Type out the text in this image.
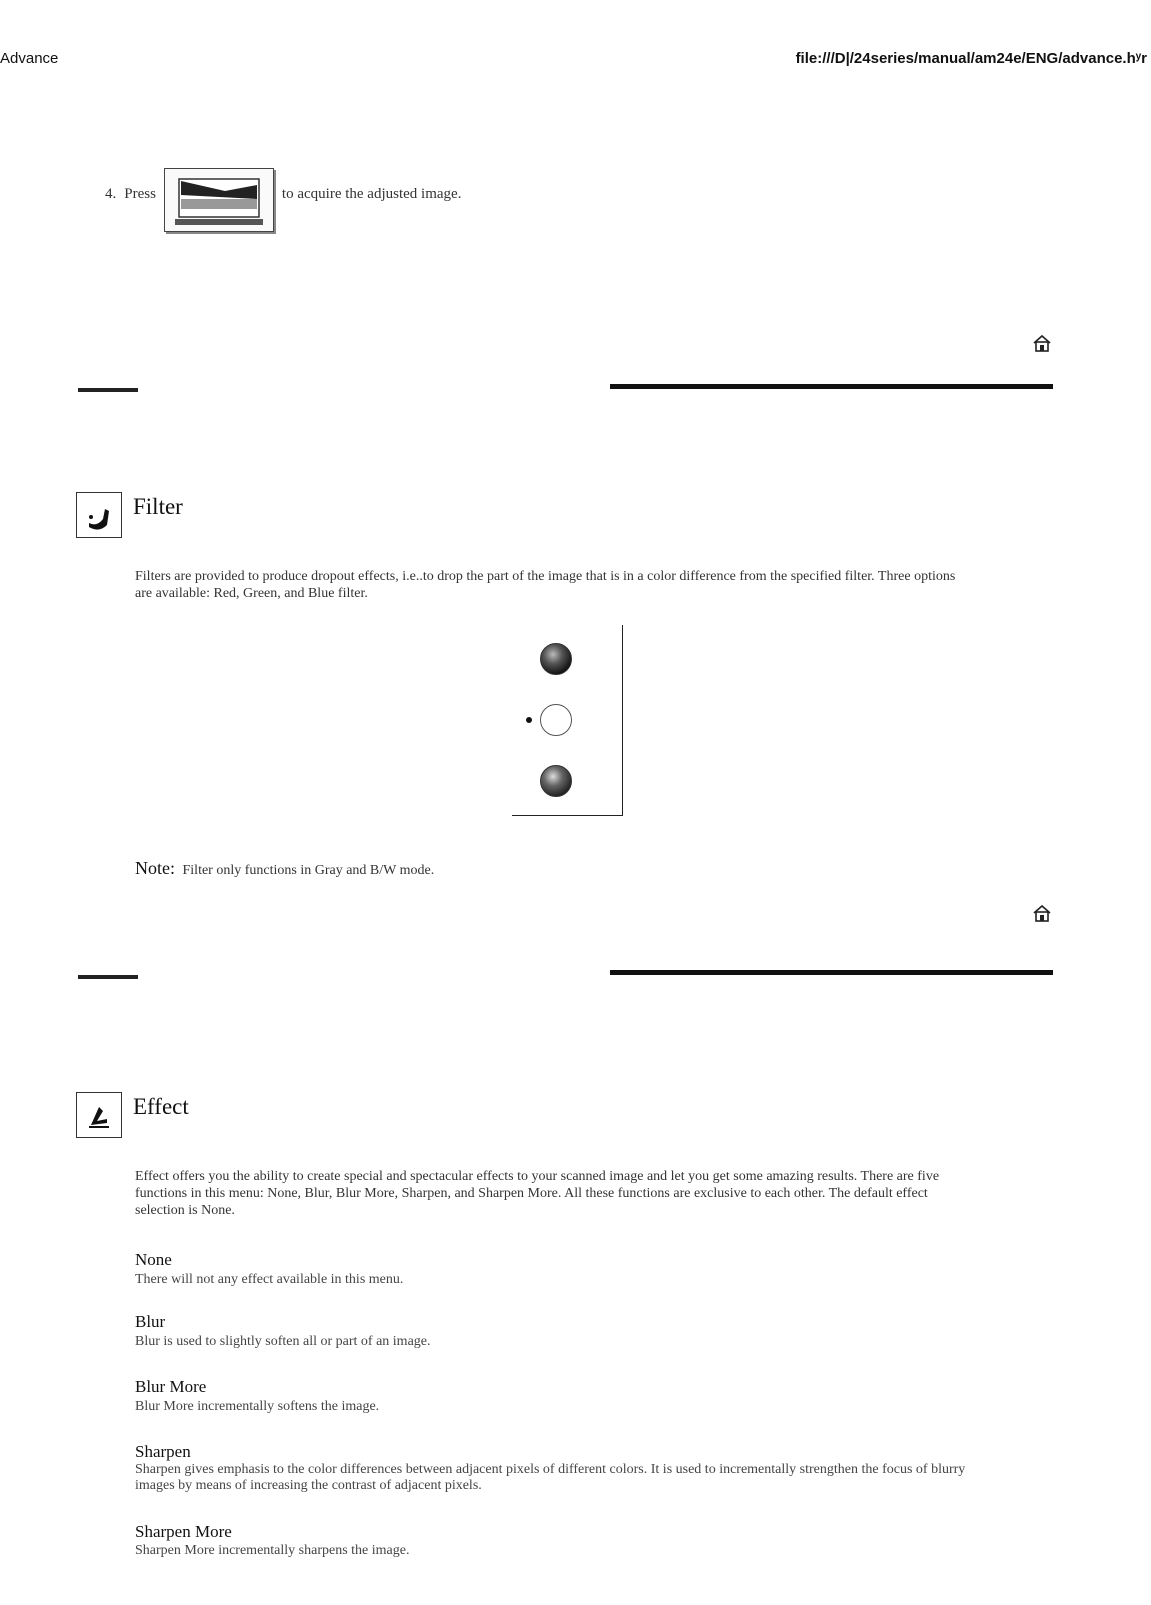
Advance	file:///D|/24series/manual/am24e/ENG/advance.hʸr
4. Press	to acquire the adjusted image.
Filter
Filters are provided to produce dropout effects, i.e..to drop the part of the image that is in a color difference from the specified filter. Three options are available: Red, Green, and Blue filter.
Note: Filter only functions in Gray and B/W mode.
Effect
Effect offers you the ability to create special and spectacular effects to your scanned image and let you get some amazing results. There are five functions in this menu: None, Blur, Blur More, Sharpen, and Sharpen More. All these functions are exclusive to each other. The default effect selection is None.
None
There will not any effect available in this menu.
Blur
Blur is used to slightly soften all or part of an image.
Blur More
Blur More incrementally softens the image.
Sharpen
Sharpen gives emphasis to the color differences between adjacent pixels of different colors. It is used to incrementally strengthen the focus of blurry images by means of increasing the contrast of adjacent pixels.
Sharpen More
Sharpen More incrementally sharpens the image.
